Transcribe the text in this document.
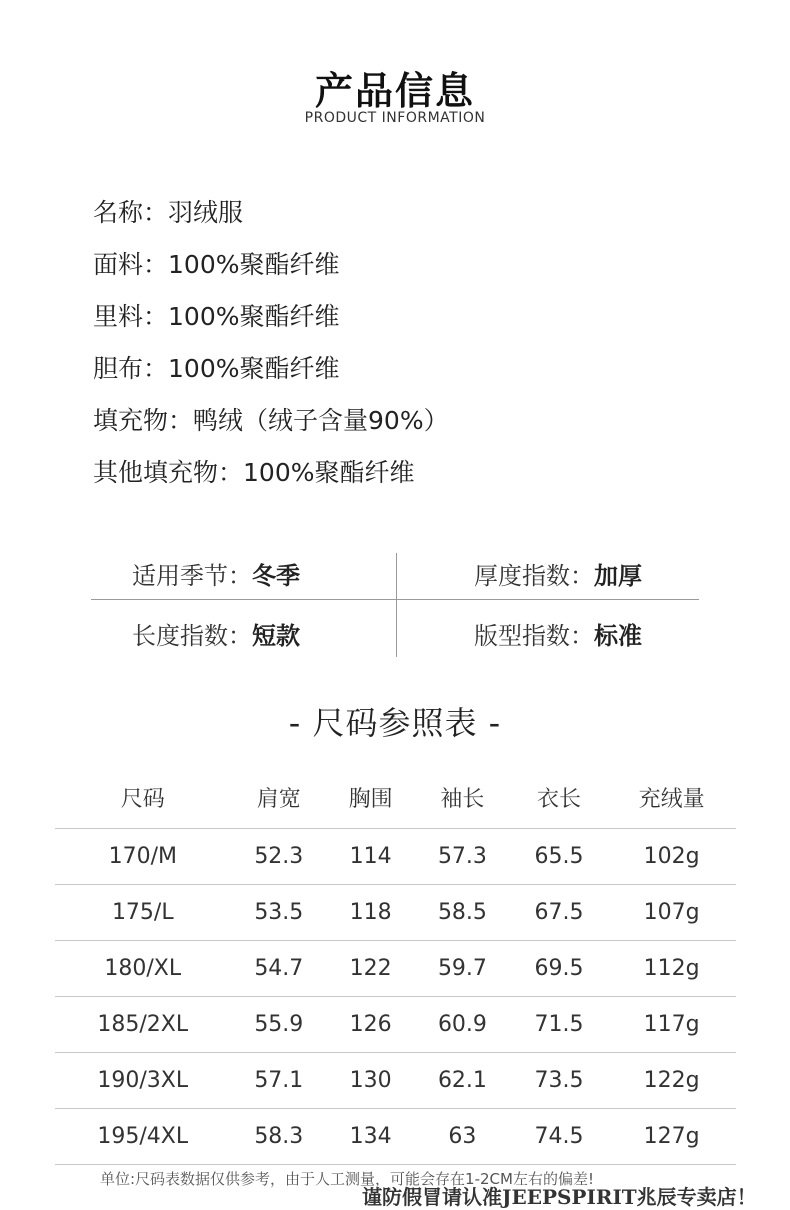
产品信息
PRODUCT INFORMATION
名称：羽绒服
面料：100%聚酯纤维
里料：100%聚酯纤维
胆布：100%聚酯纤维
填充物：鸭绒（绒子含量90%）
其他填充物：100%聚酯纤维
适用季节：冬季	厚度指数：加厚
长度指数：短款	版型指数：标准
- 尺码参照表 -
尺码	肩宽	胸围	袖长	衣长	充绒量
170/M	52.3	114	57.3	65.5	102g
175/L	53.5	118	58.5	67.5	107g
180/XL	54.7	122	59.7	69.5	112g
185/2XL	55.9	126	60.9	71.5	117g
190/3XL	57.1	130	62.1	73.5	122g
195/4XL	58.3	134	63	74.5	127g
单位:尺码表数据仅供参考，由于人工测量，可能会存在1-2CM左右的偏差!
谨防假冒请认准JEEPSPIRIT兆辰专卖店！
